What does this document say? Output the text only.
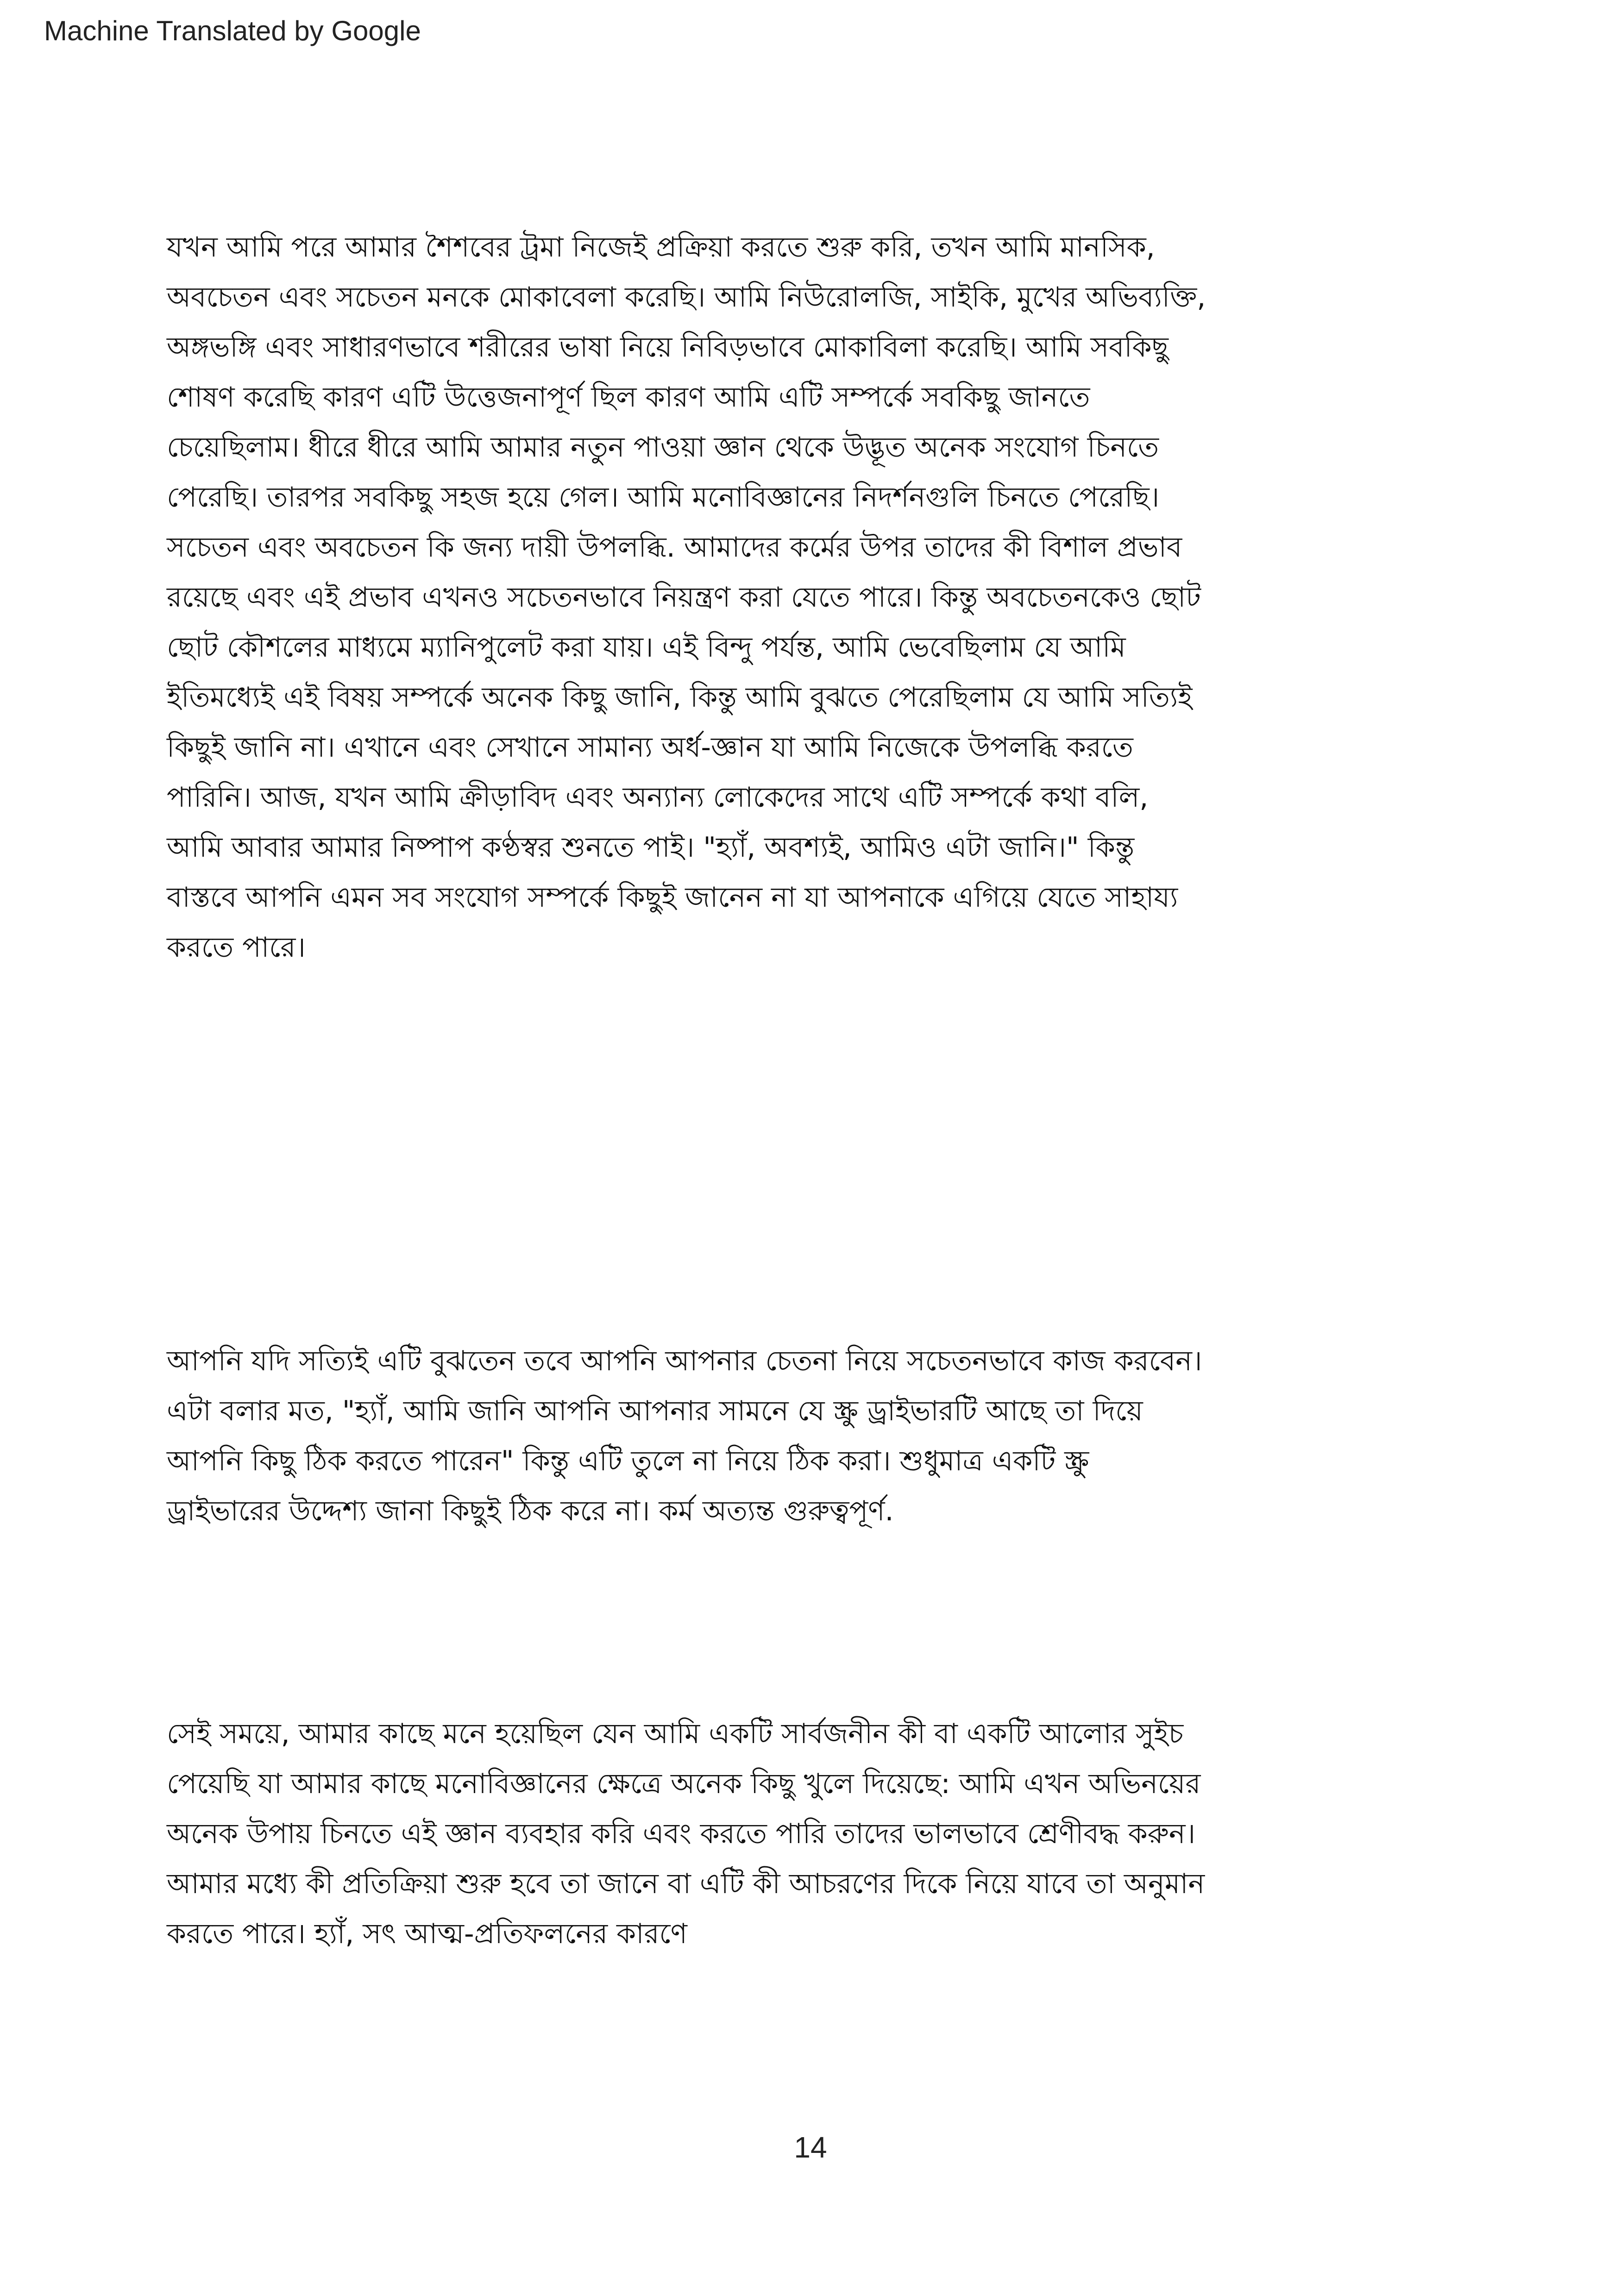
Machine Translated by Google
যখন আমি পরে আমার শৈশবের ট্রমা নিজেই প্রক্রিয়া করতে শুরু করি, তখন আমি মানসিক,
অবচেতন এবং সচেতন মনকে মোকাবেলা করেছি। আমি নিউরোলজি, সাইকি, মুখের অভিব্যক্তি,
অঙ্গভঙ্গি এবং সাধারণভাবে শরীরের ভাষা নিয়ে নিবিড়ভাবে মোকাবিলা করেছি। আমি সবকিছু
শোষণ করেছি কারণ এটি উত্তেজনাপূর্ণ ছিল কারণ আমি এটি সম্পর্কে সবকিছু জানতে
চেয়েছিলাম। ধীরে ধীরে আমি আমার নতুন পাওয়া জ্ঞান থেকে উদ্ভূত অনেক সংযোগ চিনতে
পেরেছি। তারপর সবকিছু সহজ হয়ে গেল। আমি মনোবিজ্ঞানের নিদর্শনগুলি চিনতে পেরেছি।
সচেতন এবং অবচেতন কি জন্য দায়ী উপলব্ধি. আমাদের কর্মের উপর তাদের কী বিশাল প্রভাব
রয়েছে এবং এই প্রভাব এখনও সচেতনভাবে নিয়ন্ত্রণ করা যেতে পারে। কিন্তু অবচেতনকেও ছোট
ছোট কৌশলের মাধ্যমে ম্যানিপুলেট করা যায়। এই বিন্দু পর্যন্ত, আমি ভেবেছিলাম যে আমি
ইতিমধ্যেই এই বিষয় সম্পর্কে অনেক কিছু জানি, কিন্তু আমি বুঝতে পেরেছিলাম যে আমি সত্যিই
কিছুই জানি না। এখানে এবং সেখানে সামান্য অর্ধ-জ্ঞান যা আমি নিজেকে উপলব্ধি করতে
পারিনি। আজ, যখন আমি ক্রীড়াবিদ এবং অন্যান্য লোকেদের সাথে এটি সম্পর্কে কথা বলি,
আমি আবার আমার নিষ্পাপ কণ্ঠস্বর শুনতে পাই। "হ্যাঁ, অবশ্যই, আমিও এটা জানি।" কিন্তু
বাস্তবে আপনি এমন সব সংযোগ সম্পর্কে কিছুই জানেন না যা আপনাকে এগিয়ে যেতে সাহায্য
করতে পারে।
আপনি যদি সত্যিই এটি বুঝতেন তবে আপনি আপনার চেতনা নিয়ে সচেতনভাবে কাজ করবেন।
এটা বলার মত, "হ্যাঁ, আমি জানি আপনি আপনার সামনে যে স্ক্রু ড্রাইভারটি আছে তা দিয়ে
আপনি কিছু ঠিক করতে পারেন" কিন্তু এটি তুলে না নিয়ে ঠিক করা। শুধুমাত্র একটি স্ক্রু
ড্রাইভারের উদ্দেশ্য জানা কিছুই ঠিক করে না। কর্ম অত্যন্ত গুরুত্বপূর্ণ.
সেই সময়ে, আমার কাছে মনে হয়েছিল যেন আমি একটি সার্বজনীন কী বা একটি আলোর সুইচ
পেয়েছি যা আমার কাছে মনোবিজ্ঞানের ক্ষেত্রে অনেক কিছু খুলে দিয়েছে: আমি এখন অভিনয়ের
অনেক উপায় চিনতে এই জ্ঞান ব্যবহার করি এবং করতে পারি তাদের ভালভাবে শ্রেণীবদ্ধ করুন।
আমার মধ্যে কী প্রতিক্রিয়া শুরু হবে তা জানে বা এটি কী আচরণের দিকে নিয়ে যাবে তা অনুমান
করতে পারে। হ্যাঁ, সৎ আত্ম-প্রতিফলনের কারণে
14
